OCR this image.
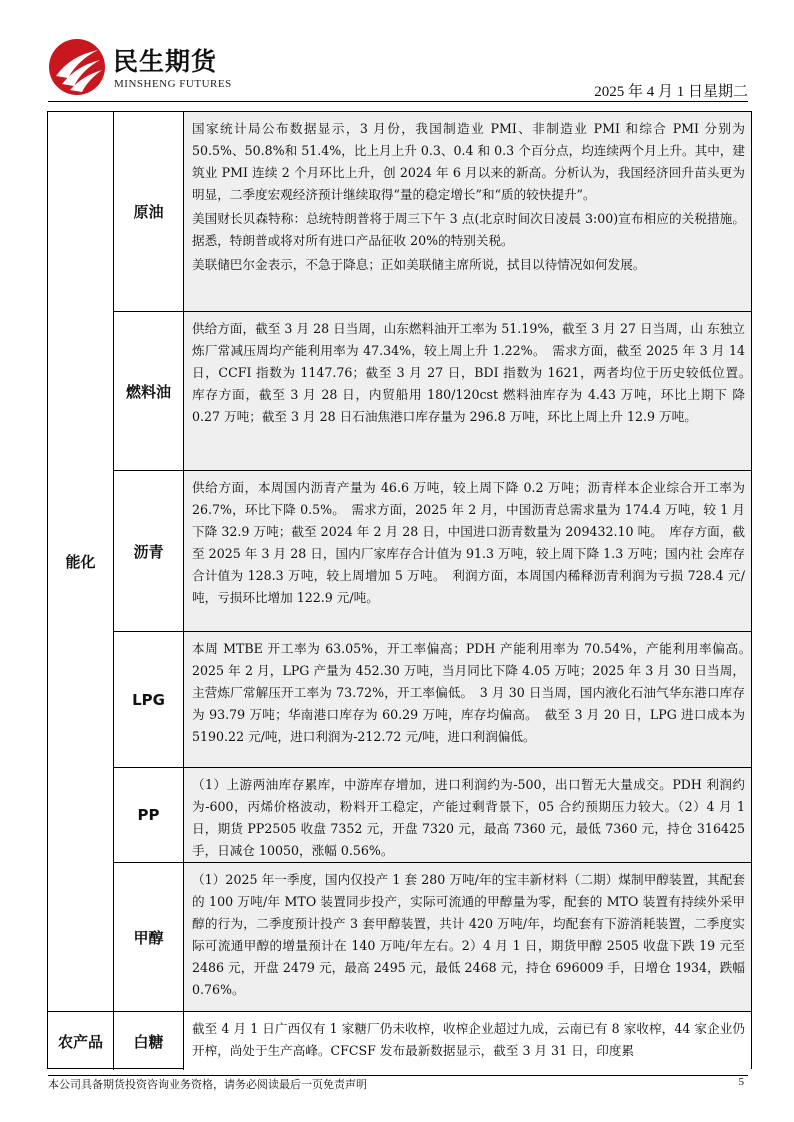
民生期货
MINSHENG FUTURES	2025 年 4 月 1 日星期二
能化
农产品
原油

国家统计局公布数据显示，3 月份，我国制造业 PMI、非制造业 PMI 和综合 PMI 分别为 50.5%、50.8%和 51.4%，比上月上升 0.3、0.4 和 0.3 个百分点，均连续两个月上升。其中，建筑业 PMI 连续 2 个月环比上升，创 2024 年 6 月以来的新高。分析认为，我国经济回升苗头更为明显，二季度宏观经济预计继续取得“量的稳定增长”和“质的较快提升”。

美国财长贝森特称：总统特朗普将于周三下午 3 点(北京时间次日凌晨 3:00)宣布相应的关税措施。据悉，特朗普或将对所有进口产品征收 20%的特别关税。

美联储巴尔金表示，不急于降息；正如美联储主席所说，拭目以待情况如何发展。

燃料油

供给方面，截至 3 月 28 日当周，山东燃料油开工率为 51.19%，截至 3 月 27 日当周，山 东独立炼厂常减压周均产能利用率为 47.34%，较上周上升 1.22%。　需求方面，截至 2025 年 3 月 14 日，CCFI 指数为 1147.76；截至 3 月 27 日，BDI 指数为 1621，两者均位于历史较低位置。　库存方面，截至 3 月 28 日，内贸船用 180/120cst 燃料油库存为 4.43 万吨，环比上期下 降 0.27 万吨；截至 3 月 28 日石油焦港口库存量为 296.8 万吨，环比上周上升 12.9 万吨。

沥青

供给方面，本周国内沥青产量为 46.6 万吨，较上周下降 0.2 万吨；沥青样本企业综合开工率为 26.7%，环比下降 0.5%。　需求方面，2025 年 2 月，中国沥青总需求量为 174.4 万吨，较 1 月下降 32.9 万吨；截至 2024 年 2 月 28 日，中国进口沥青数量为 209432.10 吨。　库存方面，截至 2025 年 3 月 28 日，国内厂家库存合计值为 91.3 万吨，较上周下降 1.3 万吨；国内社 会库存合计值为 128.3 万吨，较上周增加 5 万吨。　利润方面，本周国内稀释沥青利润为亏损 728.4 元/吨，亏损环比增加 122.9 元/吨。

LPG

本周 MTBE 开工率为 63.05%，开工率偏高；PDH 产能利用率为 70.54%，产能利用率偏高。　2025 年 2 月，LPG 产量为 452.30 万吨，当月同比下降 4.05 万吨；2025 年 3 月 30 日当周，主营炼厂常解压开工率为 73.72%，开工率偏低。　3 月 30 日当周，国内液化石油气华东港口库存为 93.79 万吨；华南港口库存为 60.29 万吨，库存均偏高。　截至 3 月 20 日，LPG 进口成本为 5190.22 元/吨，进口利润为-212.72 元/吨，进口利润偏低。

PP

（1）上游两油库存累库，中游库存增加，进口利润约为-500，出口暂无大量成交。PDH 利润约为-600，丙烯价格波动，粉料开工稳定，产能过剩背景下，05 合约预期压力较大。（2）4 月 1 日，期货 PP2505 收盘 7352 元，开盘 7320 元，最高 7360 元，最低 7360 元，持仓 316425 手，日减仓 10050，涨幅 0.56%。

甲醇

（1）2025 年一季度，国内仅投产 1 套 280 万吨/年的宝丰新材料（二期）煤制甲醇装置，其配套的 100 万吨/年 MTO 装置同步投产，实际可流通的甲醇量为零，配套的 MTO 装置有持续外采甲醇的行为，二季度预计投产 3 套甲醇装置，共计 420 万吨/年，均配套有下游消耗装置，二季度实际可流通甲醇的增量预计在 140 万吨/年左右。2）4 月 1 日，期货甲醇 2505 收盘下跌 19 元至 2486 元，开盘 2479 元，最高 2495 元，最低 2468 元，持仓 696009 手，日增仓 1934，跌幅 0.76%。

白糖

截至 4 月 1 日广西仅有 1 家糖厂仍未收榨，收榨企业超过九成，云南已有 8 家收榨，44 家企业仍开榨，尚处于生产高峰。CFCSF 发布最新数据显示，截至 3 月 31 日，印度累

本公司具备期货投资咨询业务资格，请务必阅读最后一页免责声明	5
